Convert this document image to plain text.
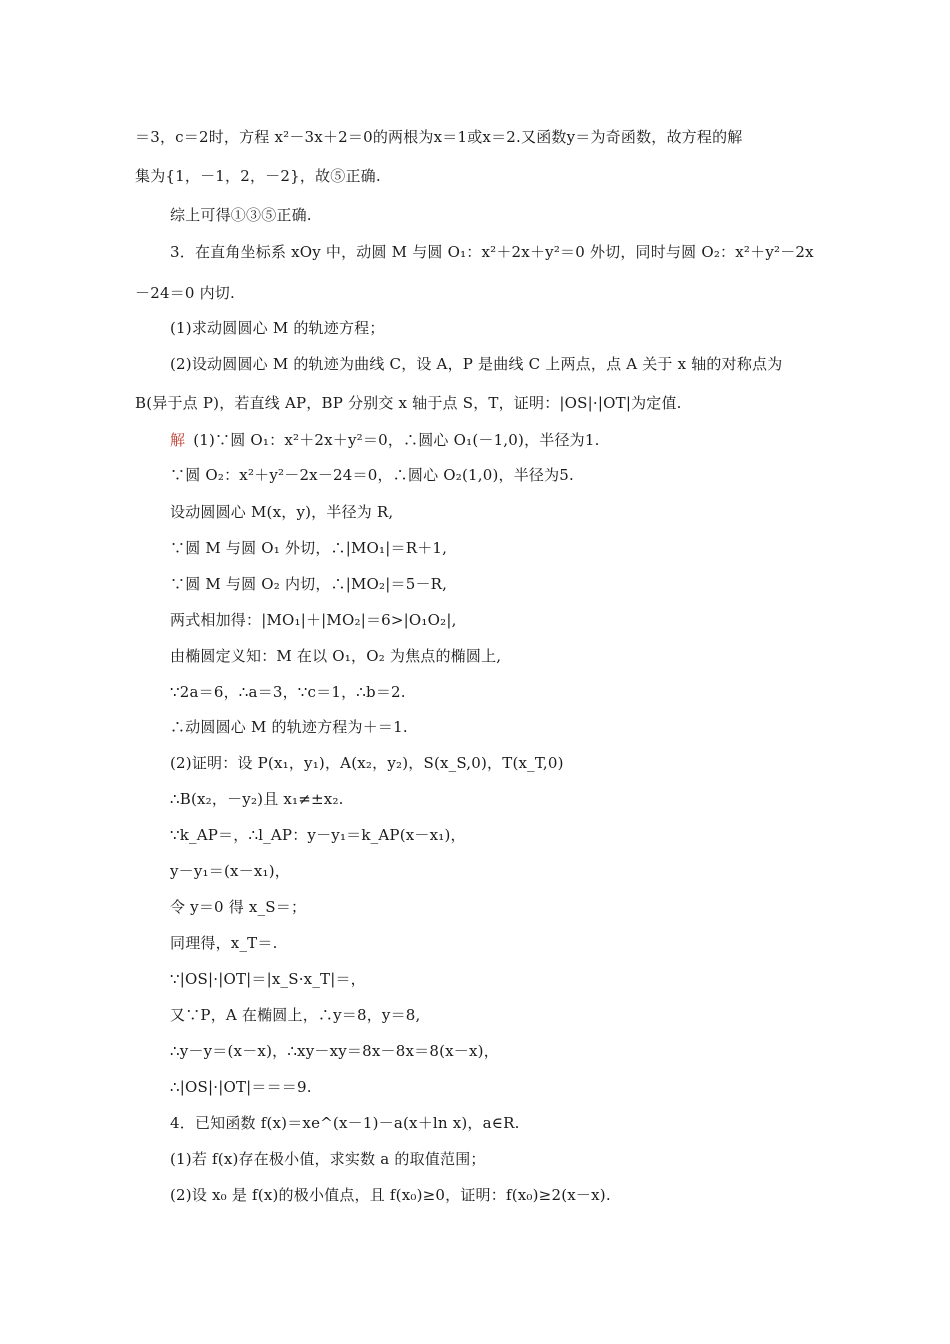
＝3，c＝2时，方程 x²－3x＋2＝0的两根为x＝1或x＝2.又函数y＝为奇函数，故方程的解
集为{1，－1，2，－2}，故⑤正确.
综上可得①③⑤正确.
3．在直角坐标系 xOy 中，动圆 M 与圆 O₁：x²＋2x＋y²＝0 外切，同时与圆 O₂：x²＋y²－2x
－24＝0 内切.
(1)求动圆圆心 M 的轨迹方程；
(2)设动圆圆心 M 的轨迹为曲线 C，设 A，P 是曲线 C 上两点，点 A 关于 x 轴的对称点为
B(异于点 P)，若直线 AP，BP 分别交 x 轴于点 S，T，证明：|OS|·|OT|为定值.
解 (1)∵圆 O₁：x²＋2x＋y²＝0，∴圆心 O₁(－1,0)，半径为1.
∵圆 O₂：x²＋y²－2x－24＝0，∴圆心 O₂(1,0)，半径为5.
设动圆圆心 M(x，y)，半径为 R,
∵圆 M 与圆 O₁ 外切，∴|MO₁|＝R＋1,
∵圆 M 与圆 O₂ 内切，∴|MO₂|＝5－R,
两式相加得：|MO₁|＋|MO₂|＝6>|O₁O₂|,
由椭圆定义知：M 在以 O₁，O₂ 为焦点的椭圆上,
∵2a＝6，∴a＝3，∵c＝1，∴b＝2.
∴动圆圆心 M 的轨迹方程为＋＝1.
(2)证明：设 P(x₁，y₁)，A(x₂，y₂)，S(x_S,0)，T(x_T,0)
∴B(x₂，－y₂)且 x₁≠±x₂.
∵k_AP＝，∴l_AP：y－y₁＝k_AP(x－x₁)，
y－y₁＝(x－x₁)，
令 y＝0 得 x_S＝；
同理得，x_T＝.
∵|OS|·|OT|＝|x_S·x_T|＝，
又∵P，A 在椭圆上，∴y＝8，y＝8,
∴y－y＝(x－x)，∴xy－xy＝8x－8x＝8(x－x)，
∴|OS|·|OT|＝＝＝9.
4．已知函数 f(x)＝xe^(x－1)－a(x＋ln x)，a∈R.
(1)若 f(x)存在极小值，求实数 a 的取值范围；
(2)设 x₀ 是 f(x)的极小值点，且 f(x₀)≥0，证明：f(x₀)≥2(x－x).
